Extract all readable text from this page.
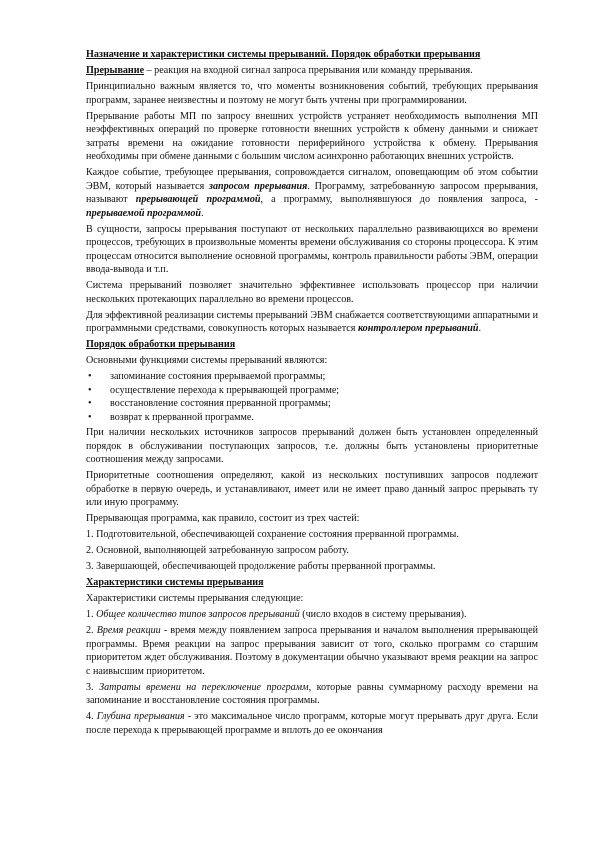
Назначение и характеристики системы прерываний. Порядок обработки прерывания

Прерывание – реакция на входной сигнал запроса прерывания или команду прерывания.

Принципиально важным является то, что моменты возникновения событий, требующих прерывания программ, заранее неизвестны и поэтому не могут быть учтены при программировании.

Прерывание работы МП по запросу внешних устройств устраняет необходимость выполнения МП неэффективных операций по проверке готовности внешних устройств к обмену данными и снижает затраты времени на ожидание готовности периферийного устройства к обмену. Прерывания необходимы при обмене данными с большим числом асинхронно работающих внешних устройств.

Каждое событие, требующее прерывания, сопровождается сигналом, оповещающим об этом событии ЭВМ, который называется запросом прерывания. Программу, затребованную запросом прерывания, называют прерывающей программой, а программу, выполнявшуюся до появления запроса, - прерываемой программой.

В сущности, запросы прерывания поступают от нескольких параллельно развивающихся во времени процессов, требующих в произвольные моменты времени обслуживания со стороны процессора. К этим процессам относится выполнение основной программы, контроль правильности работы ЭВМ, операции ввода-вывода и т.п.

Система прерываний позволяет значительно эффективнее использовать процессор при наличии нескольких протекающих параллельно во времени процессов.

Для эффективной реализации системы прерываний ЭВМ снабжается соответствующими аппаратными и программными средствами, совокупность которых называется контроллером прерываний.

Порядок обработки прерывания

Основными функциями системы прерываний являются:

• запоминание состояния прерываемой программы;
• осуществление перехода к прерывающей программе;
• восстановление состояния прерванной программы;
• возврат к прерванной программе.

При наличии нескольких источников запросов прерываний должен быть установлен определенный порядок в обслуживании поступающих запросов, т.е. должны быть установлены приоритетные соотношения между запросами.

Приоритетные соотношения определяют, какой из нескольких поступивших запросов подлежит обработке в первую очередь, и устанавливают, имеет или не имеет право данный запрос прерывать ту или иную программу.

Прерывающая программа, как правило, состоит из трех частей:

1. Подготовительной, обеспечивающей сохранение состояния прерванной программы.

2. Основной, выполняющей затребованную запросом работу.

3. Завершающей, обеспечивающей продолжение работы прерванной программы.

Характеристики системы прерывания

Характеристики системы прерывания следующие:

1. Общее количество типов запросов прерываний (число входов в систему прерывания).

2. Время реакции - время между появлением запроса прерывания и началом выполнения прерывающей программы. Время реакции на запрос прерывания зависит от того, сколько программ со старшим приоритетом ждет обслуживания. Поэтому в документации обычно указывают время реакции на запрос с наивысшим приоритетом.

3. Затраты времени на переключение программ, которые равны суммарному расходу времени на запоминание и восстановление состояния программы.

4. Глубина прерывания - это максимальное число программ, которые могут прерывать друг друга. Если после перехода к прерывающей программе и вплоть до ее окончания
